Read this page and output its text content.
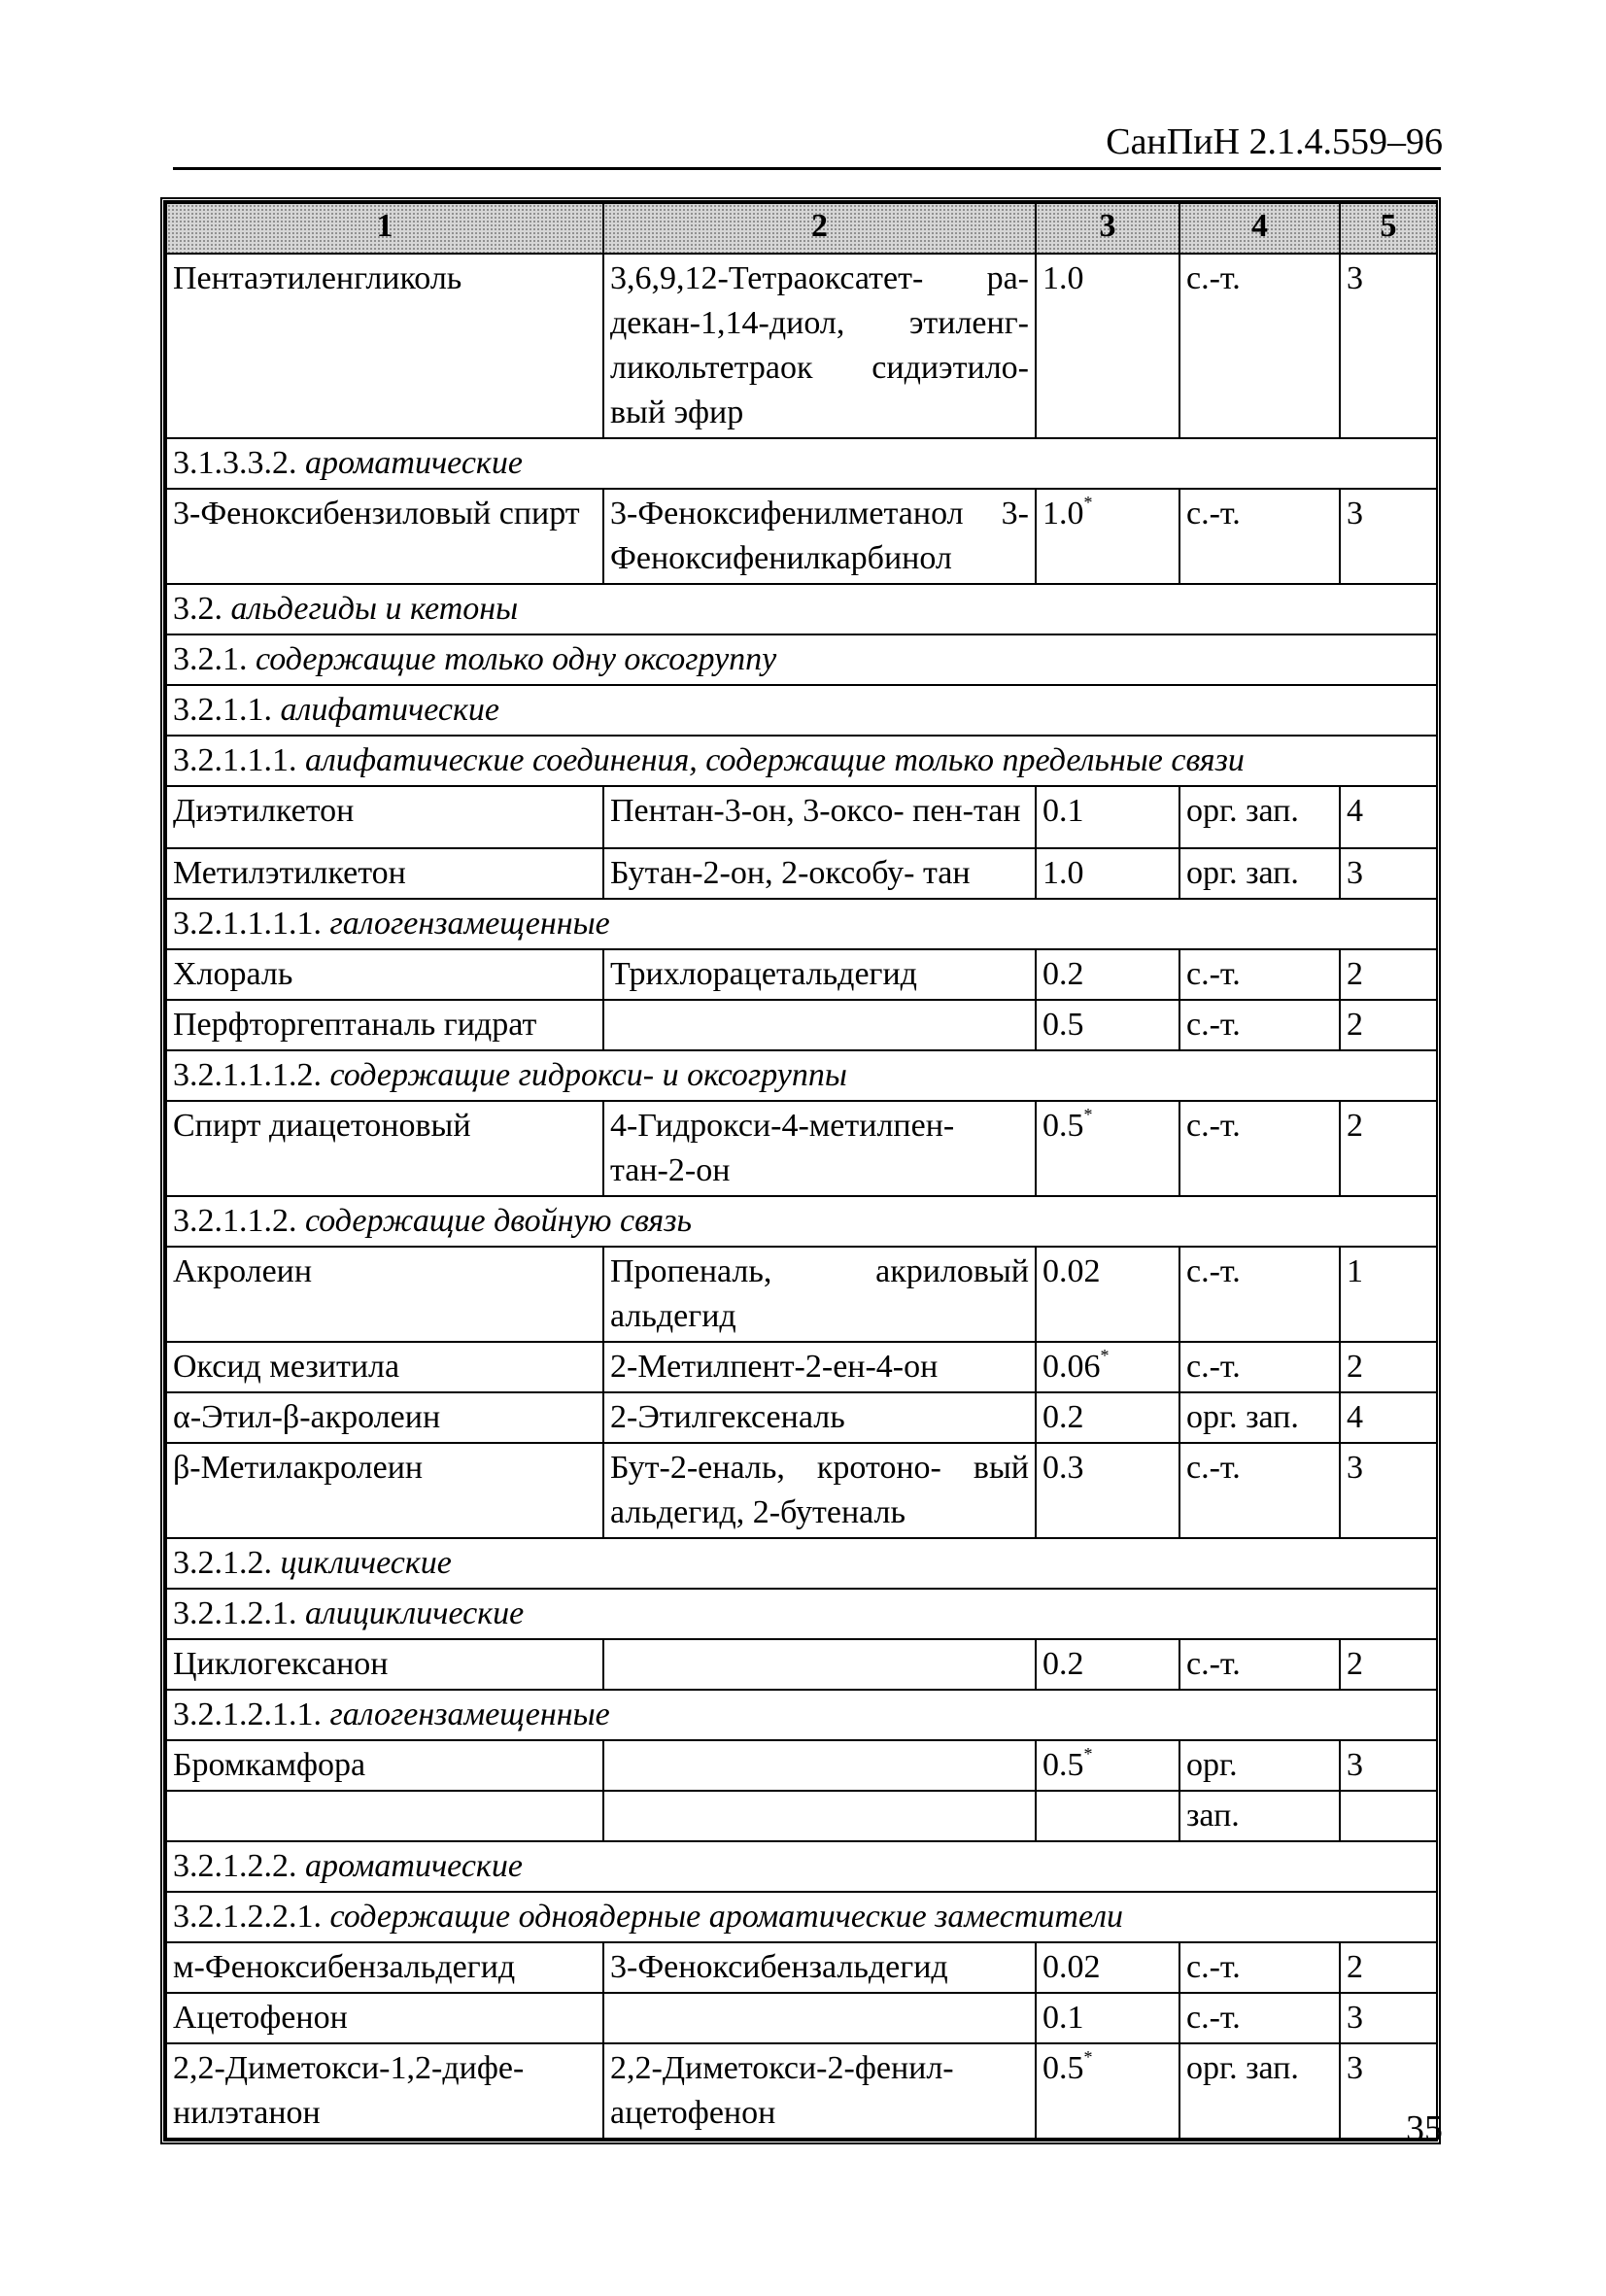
СанПиН 2.1.4.559–96
1	2	3	4	5
Пентаэтиленгликоль	3,6,9,12-Тетраоксатет- ра-декан-1,14-диол, этиленг-ликольтетраок сидиэтило-вый эфир	1.0	с.-т.	3
3.1.3.3.2. ароматические				
3-Феноксибензиловый спирт	3-Феноксифенилметанол 3-Феноксифенилкарбинол	1.0*	с.-т.	3
3.2. альдегиды и кетоны				
3.2.1. содержащие только одну оксогруппу				
3.2.1.1. алифатические				
3.2.1.1.1. алифатические соединения, содержащие только предельные связи				
Диэтилкетон	Пентан-3-он, 3-оксо- пен-тан	0.1	орг. зап.	4
Метилэтилкетон	Бутан-2-он, 2-оксобу- тан	1.0	орг. зап.	3
3.2.1.1.1.1. галогензамещенные				
Хлораль	Трихлорацетальдегид	0.2	с.-т.	2
Перфторгептаналь гидрат		0.5	с.-т.	2
3.2.1.1.1.2. содержащие гидрокси- и оксогруппы				
Спирт диацетоновый	4-Гидрокси-4-метилпен-тан-2-он	0.5*	с.-т.	2
3.2.1.1.2. содержащие двойную связь				
Акролеин	Пропеналь, акриловый альдегид	0.02	с.-т.	1
Оксид мезитила	2-Метилпент-2-ен-4-он	0.06*	с.-т.	2
α-Этил-β-акролеин	2-Этилгексеналь	0.2	орг. зап.	4
β-Метилакролеин	Бут-2-еналь, кротоно- вый альдегид, 2-бутеналь	0.3	с.-т.	3
3.2.1.2. циклические				
3.2.1.2.1. алициклические				
Циклогексанон		0.2	с.-т.	2
3.2.1.2.1.1. галогензамещенные				
Бромкамфора		0.5*	орг.	3
			зап.	
3.2.1.2.2. ароматические				
3.2.1.2.2.1. содержащие одноядерные ароматические заместители				
м-Феноксибензальдегид	3-Феноксибензальдегид	0.02	с.-т.	2
Ацетофенон		0.1	с.-т.	3
2,2-Диметокси-1,2-дифе-нилэтанон	2,2-Диметокси-2-фенил-ацетофенон	0.5*	орг. зап.	3
35
